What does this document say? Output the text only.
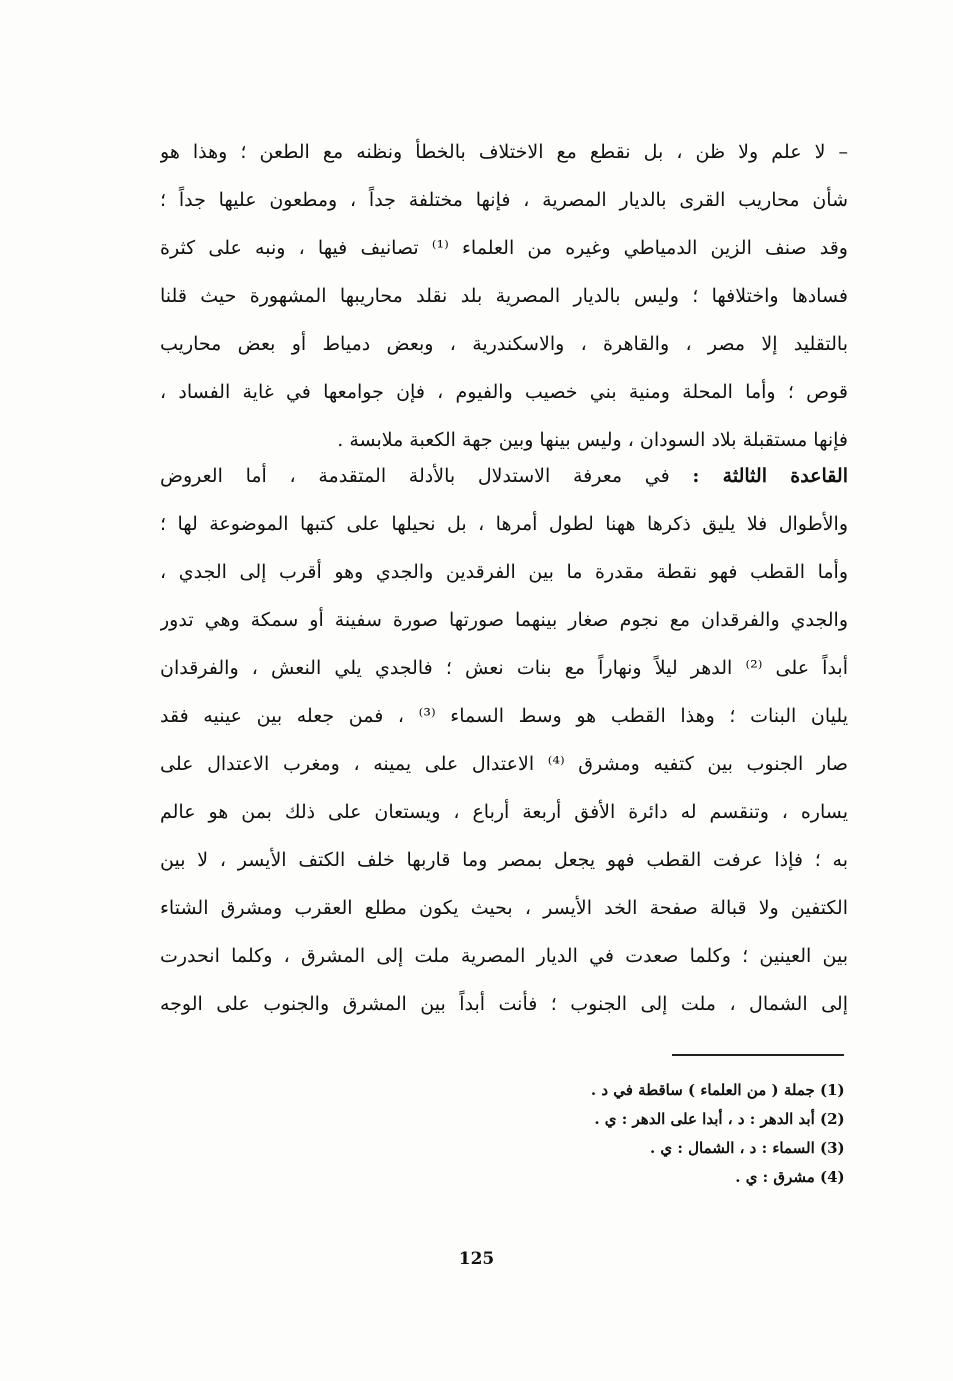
– لا علم ولا ظن ، بل نقطع مع الاختلاف بالخطأ ونظنه مع الطعن ؛ وهذا هو
شأن محاريب القرى بالديار المصرية ، فإنها مختلفة جداً ، ومطعون عليها جداً ؛
وقد صنف الزين الدمياطي وغيره من العلماء ⁽¹⁾ تصانيف فيها ، ونبه على كثرة
فسادها واختلافها ؛ وليس بالديار المصرية بلد نقلد محاريبها المشهورة حيث قلنا
بالتقليد إلا مصر ، والقاهرة ، والاسكندرية ، وبعض دمياط أو بعض محاريب
قوص ؛ وأما المحلة ومنية بني خصيب والفيوم ، فإن جوامعها في غاية الفساد ،
فإنها مستقبلة بلاد السودان ، وليس بينها وبين جهة الكعبة ملابسة .
القاعدة الثالثة : في معرفة الاستدلال بالأدلة المتقدمة ، أما العروض
والأطوال فلا يليق ذكرها ههنا لطول أمرها ، بل نحيلها على كتبها الموضوعة لها ؛
وأما القطب فهو نقطة مقدرة ما بين الفرقدين والجدي وهو أقرب إلى الجدي ،
والجدي والفرقدان مع نجوم صغار بينهما صورتها صورة سفينة أو سمكة وهي تدور
أبداً على ⁽²⁾ الدهر ليلاً ونهاراً مع بنات نعش ؛ فالجدي يلي النعش ، والفرقدان
يليان البنات ؛ وهذا القطب هو وسط السماء ⁽³⁾ ، فمن جعله بين عينيه فقد
صار الجنوب بين كتفيه ومشرق ⁽⁴⁾ الاعتدال على يمينه ، ومغرب الاعتدال على
يساره ، وتنقسم له دائرة الأفق أربعة أرباع ، ويستعان على ذلك بمن هو عالم
به ؛ فإذا عرفت القطب فهو يجعل بمصر وما قاربها خلف الكتف الأيسر ، لا بين
الكتفين ولا قبالة صفحة الخد الأيسر ، بحيث يكون مطلع العقرب ومشرق الشتاء
بين العينين ؛ وكلما صعدت في الديار المصرية ملت إلى المشرق ، وكلما انحدرت
إلى الشمال ، ملت إلى الجنوب ؛ فأنت أبداً بين المشرق والجنوب على الوجه
(1) جملة ( من العلماء ) ساقطة في د .
(2) أبد الدهر : د ، أبدا على الدهر : ي .
(3) السماء : د ، الشمال : ي .
(4) مشرق : ي .
125
